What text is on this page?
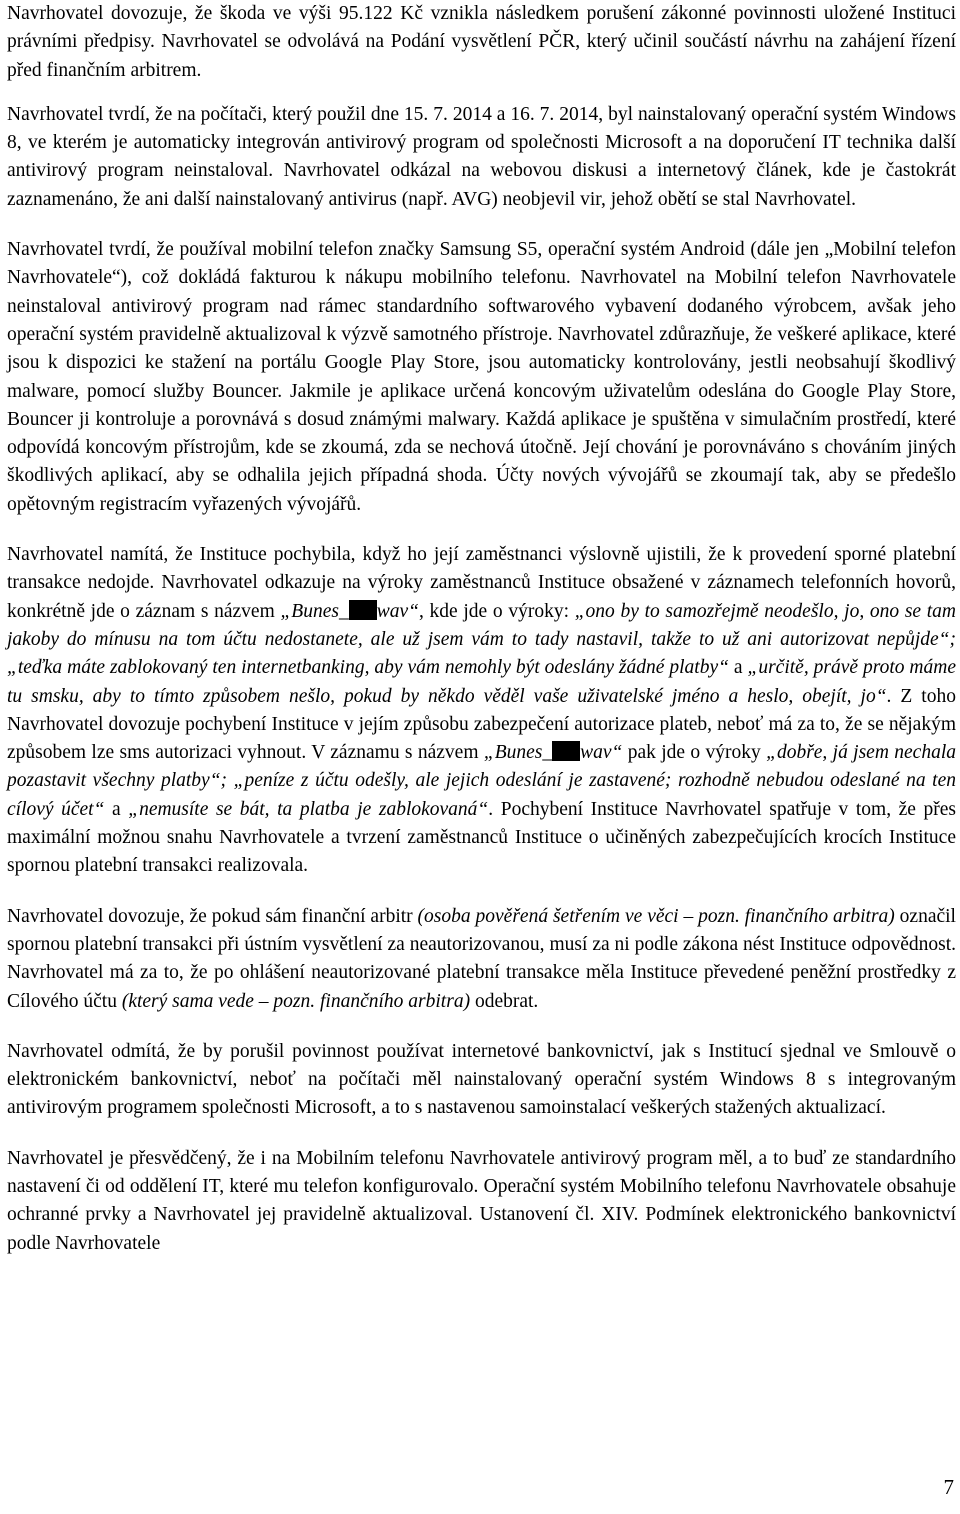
Navrhovatel dovozuje, že škoda ve výši 95.122 Kč vznikla následkem porušení zákonné povinnosti uložené Instituci právními předpisy. Navrhovatel se odvolává na Podání vysvětlení PČR, který učinil součástí návrhu na zahájení řízení před finančním arbitrem.

Navrhovatel tvrdí, že na počítači, který použil dne 15. 7. 2014 a 16. 7. 2014, byl nainstalovaný operační systém Windows 8, ve kterém je automaticky integrován antivirový program od společnosti Microsoft a na doporučení IT technika další antivirový program neinstaloval. Navrhovatel odkázal na webovou diskusi a internetový článek, kde je častokrát zaznamenáno, že ani další nainstalovaný antivirus (např. AVG) neobjevil vir, jehož obětí se stal Navrhovatel.

Navrhovatel tvrdí, že používal mobilní telefon značky Samsung S5, operační systém Android (dále jen „Mobilní telefon Navrhovatele“), což dokládá fakturou k nákupu mobilního telefonu. Navrhovatel na Mobilní telefon Navrhovatele neinstaloval antivirový program nad rámec standardního softwarového vybavení dodaného výrobcem, avšak jeho operační systém pravidelně aktualizoval k výzvě samotného přístroje. Navrhovatel zdůrazňuje, že veškeré aplikace, které jsou k dispozici ke stažení na portálu Google Play Store, jsou automaticky kontrolovány, jestli neobsahují škodlivý malware, pomocí služby Bouncer. Jakmile je aplikace určená koncovým uživatelům odeslána do Google Play Store, Bouncer ji kontroluje a porovnává s dosud známými malwary. Každá aplikace je spuštěna v simulačním prostředí, které odpovídá koncovým přístrojům, kde se zkoumá, zda se nechová útočně. Její chování je porovnáváno s chováním jiných škodlivých aplikací, aby se odhalila jejich případná shoda. Účty nových vývojářů se zkoumají tak, aby se předešlo opětovným registracím vyřazených vývojářů.

Navrhovatel namítá, že Instituce pochybila, když ho její zaměstnanci výslovně ujistili, že k provedení sporné platební transakce nedojde. Navrhovatel odkazuje na výroky zaměstnanců Instituce obsažené v záznamech telefonních hovorů, konkrétně jde o záznam s názvem „Bunes_ wav“, kde jde o výroky: „ono by to samozřejmě neodešlo, jo, ono se tam jakoby do mínusu na tom účtu nedostanete, ale už jsem vám to tady nastavil, takže to už ani autorizovat nepůjde“; „teďka máte zablokovaný ten internetbanking, aby vám nemohly být odeslány žádné platby“ a „určitě, právě proto máme tu smsku, aby to tímto způsobem nešlo, pokud by někdo věděl vaše uživatelské jméno a heslo, obejít, jo“. Z toho Navrhovatel dovozuje pochybení Instituce v jejím způsobu zabezpečení autorizace plateb, neboť má za to, že se nějakým způsobem lze sms autorizaci vyhnout. V záznamu s názvem „Bunes_ wav“ pak jde o výroky „dobře, já jsem nechala pozastavit všechny platby“; „peníze z účtu odešly, ale jejich odeslání je zastavené; rozhodně nebudou odeslané na ten cílový účet“ a „nemusíte se bát, ta platba je zablokovaná“. Pochybení Instituce Navrhovatel spatřuje v tom, že přes maximální možnou snahu Navrhovatele a tvrzení zaměstnanců Instituce o učiněných zabezpečujících krocích Instituce spornou platební transakci realizovala.

Navrhovatel dovozuje, že pokud sám finanční arbitr (osoba pověřená šetřením ve věci – pozn. finančního arbitra) označil spornou platební transakci při ústním vysvětlení za neautorizovanou, musí za ni podle zákona nést Instituce odpovědnost. Navrhovatel má za to, že po ohlášení neautorizované platební transakce měla Instituce převedené peněžní prostředky z Cílového účtu (který sama vede – pozn. finančního arbitra) odebrat.

Navrhovatel odmítá, že by porušil povinnost používat internetové bankovnictví, jak s Institucí sjednal ve Smlouvě o elektronickém bankovnictví, neboť na počítači měl nainstalovaný operační systém Windows 8 s integrovaným antivirovým programem společnosti Microsoft, a to s nastavenou samoinstalací veškerých stažených aktualizací.

Navrhovatel je přesvědčený, že i na Mobilním telefonu Navrhovatele antivirový program měl, a to buď ze standardního nastavení či od oddělení IT, které mu telefon konfigurovalo. Operační systém Mobilního telefonu Navrhovatele obsahuje ochranné prvky a Navrhovatel jej pravidelně aktualizoval. Ustanovení čl. XIV. Podmínek elektronického bankovnictví podle Navrhovatele

7
